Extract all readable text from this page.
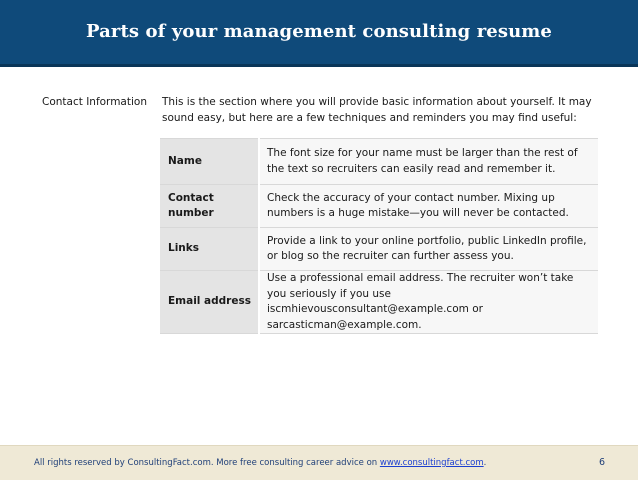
Parts of your management consulting resume
Contact Information	This is the section where you will provide basic information about yourself. It may sound easy, but here are a few techniques and reminders you may find useful:
Name	The font size for your name must be larger than the rest of the text so recruiters can easily read and remember it.
Contact number	Check the accuracy of your contact number. Mixing up numbers is a huge mistake—you will never be contacted.
Links	Provide a link to your online portfolio, public LinkedIn profile, or blog so the recruiter can further assess you.
Email address	Use a professional email address. The recruiter won’t take you seriously if you use iscmhievousconsultant@example.com or sarcasticman@example.com.
All rights reserved by ConsultingFact.com. More free consulting career advice on www.consultingfact.com.	6
